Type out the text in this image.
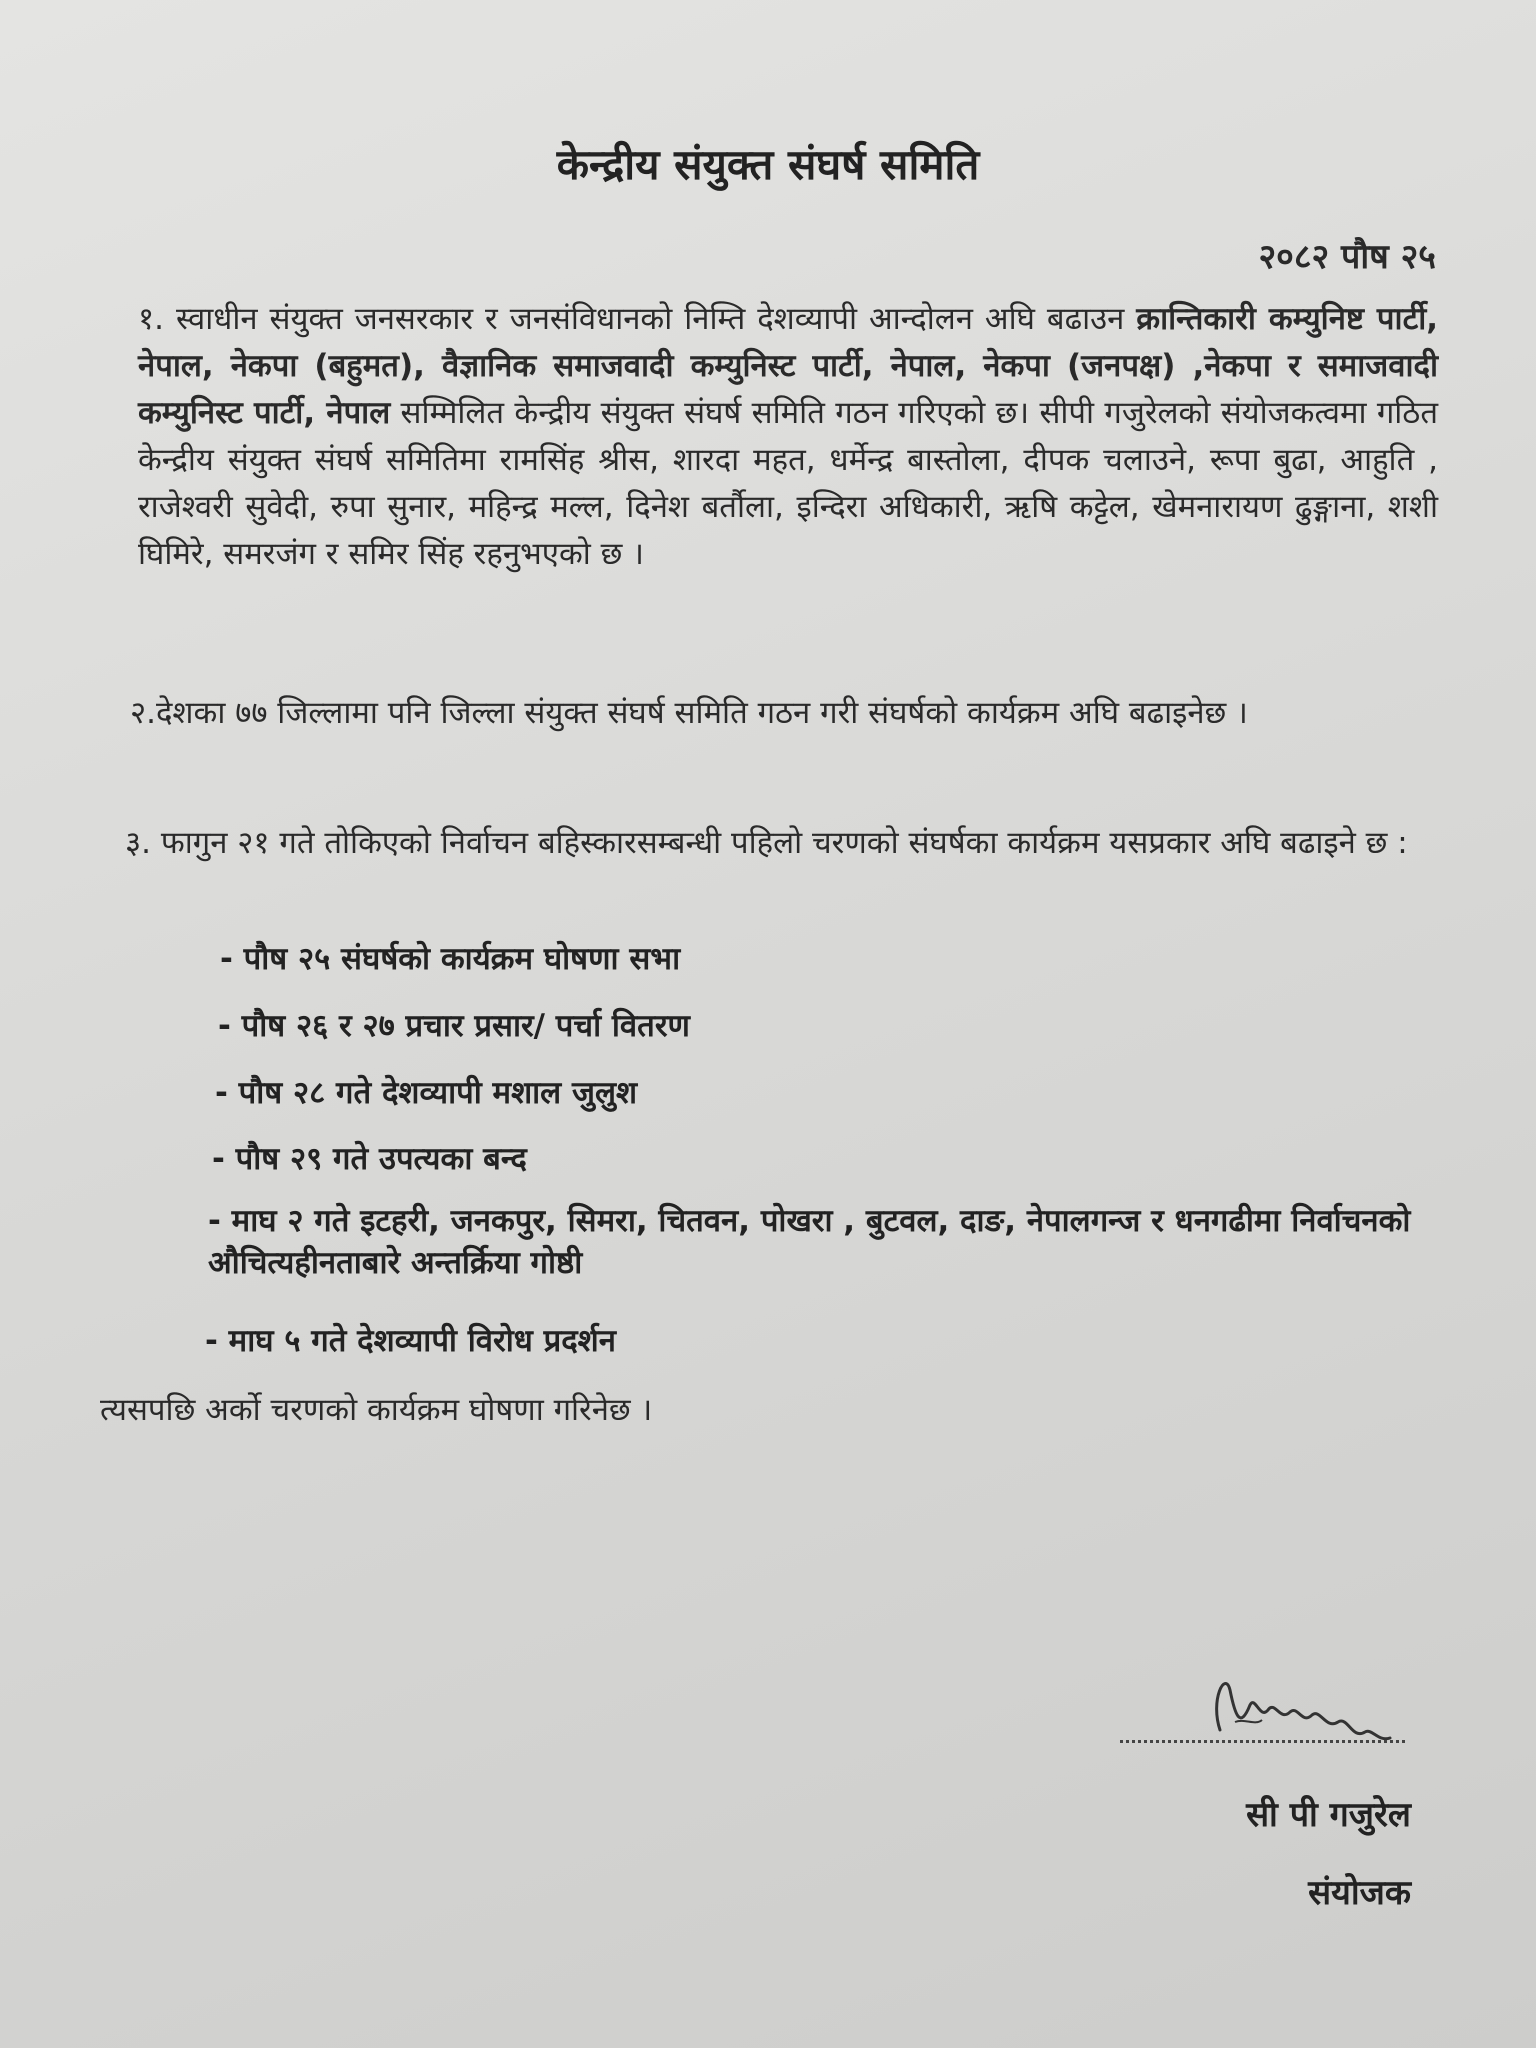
केन्द्रीय संयुक्त संघर्ष समिति
२०८२ पौष २५
१. स्वाधीन संयुक्त जनसरकार र जनसंविधानको निम्ति देशव्यापी आन्दोलन अघि बढाउन क्रान्तिकारी कम्युनिष्ट पार्टी, नेपाल, नेकपा (बहुमत), वैज्ञानिक समाजवादी कम्युनिस्ट पार्टी, नेपाल, नेकपा (जनपक्ष) ,नेकपा र समाजवादी कम्युनिस्ट पार्टी, नेपाल सम्मिलित केन्द्रीय संयुक्त संघर्ष समिति गठन गरिएको छ। सीपी गजुरेलको संयोजकत्वमा गठित केन्द्रीय संयुक्त संघर्ष समितिमा रामसिंह श्रीस, शारदा महत, धर्मेन्द्र बास्तोला, दीपक चलाउने, रूपा बुढा, आहुति , राजेश्वरी सुवेदी, रुपा सुनार, महिन्द्र मल्ल, दिनेश बर्तौला, इन्दिरा अधिकारी, ऋषि कट्टेल, खेमनारायण ढुङ्गाना, शशी घिमिरे, समरजंग र समिर सिंह रहनुभएको छ ।
२.देशका ७७ जिल्लामा पनि जिल्ला संयुक्त संघर्ष समिति गठन गरी संघर्षको कार्यक्रम अघि बढाइनेछ ।
३. फागुन २१ गते तोकिएको निर्वाचन बहिस्कारसम्बन्धी पहिलो चरणको संघर्षका कार्यक्रम यसप्रकार अघि बढाइने छ :
- पौष २५ संघर्षको कार्यक्रम घोषणा सभा
- पौष २६ र २७ प्रचार प्रसार/ पर्चा वितरण
- पौष २८ गते देशव्यापी मशाल जुलुश
- पौष २९ गते उपत्यका बन्द
- माघ २ गते इटहरी, जनकपुर, सिमरा, चितवन, पोखरा , बुटवल, दाङ, नेपालगन्ज र धनगढीमा निर्वाचनको औचित्यहीनताबारे अन्तर्क्रिया गोष्ठी
- माघ ५ गते देशव्यापी विरोध प्रदर्शन
त्यसपछि अर्को चरणको कार्यक्रम घोषणा गरिनेछ ।
सी पी गजुरेल
संयोजक
